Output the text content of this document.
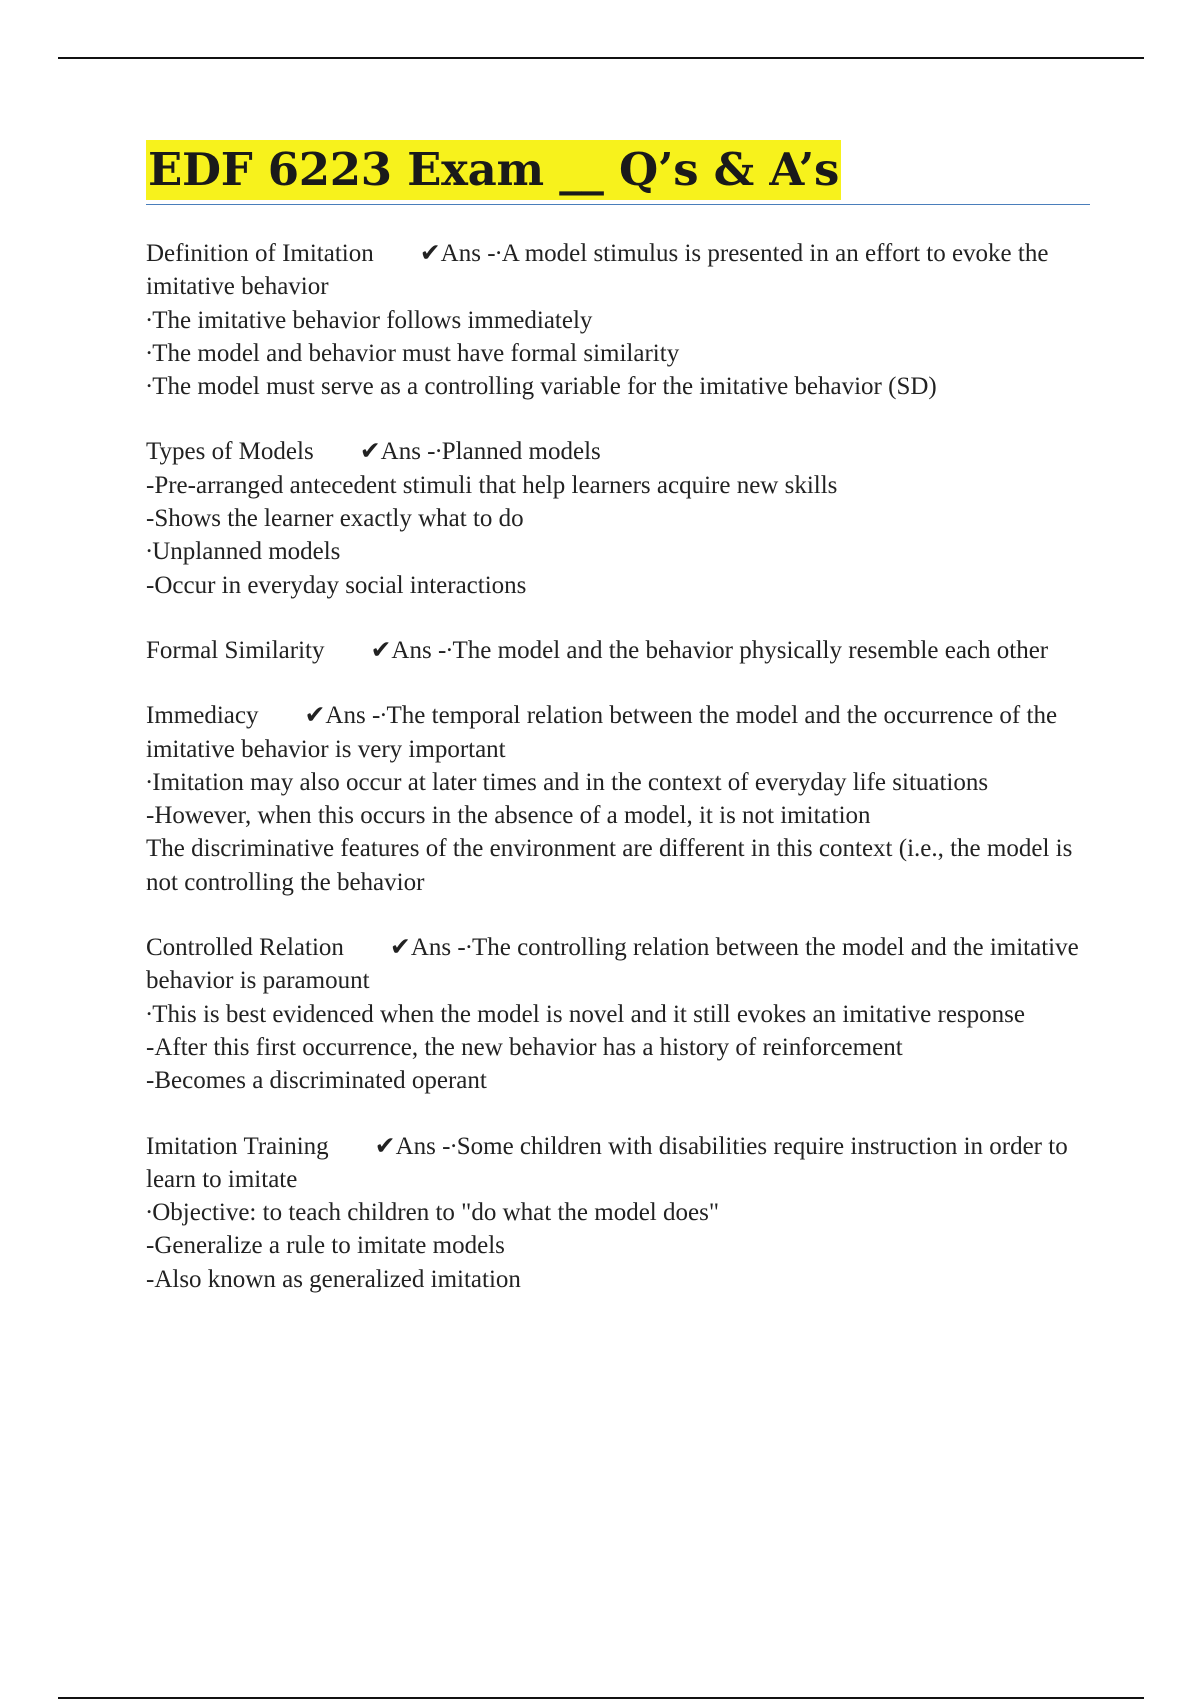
EDF 6223 Exam __ Q’s & A’s
Definition of Imitation ✔Ans -∙A model stimulus is presented in an effort to evoke the imitative behavior
∙The imitative behavior follows immediately
∙The model and behavior must have formal similarity
∙The model must serve as a controlling variable for the imitative behavior (SD)
Types of Models ✔Ans -∙Planned models
-Pre-arranged antecedent stimuli that help learners acquire new skills
-Shows the learner exactly what to do
∙Unplanned models
-Occur in everyday social interactions
Formal Similarity ✔Ans -∙The model and the behavior physically resemble each other
Immediacy ✔Ans -∙The temporal relation between the model and the occurrence of the imitative behavior is very important
∙Imitation may also occur at later times and in the context of everyday life situations
-However, when this occurs in the absence of a model, it is not imitation
The discriminative features of the environment are different in this context (i.e., the model is not controlling the behavior
Controlled Relation ✔Ans -∙The controlling relation between the model and the imitative behavior is paramount
∙This is best evidenced when the model is novel and it still evokes an imitative response
-After this first occurrence, the new behavior has a history of reinforcement
-Becomes a discriminated operant
Imitation Training ✔Ans -∙Some children with disabilities require instruction in order to learn to imitate
∙Objective: to teach children to "do what the model does"
-Generalize a rule to imitate models
-Also known as generalized imitation
